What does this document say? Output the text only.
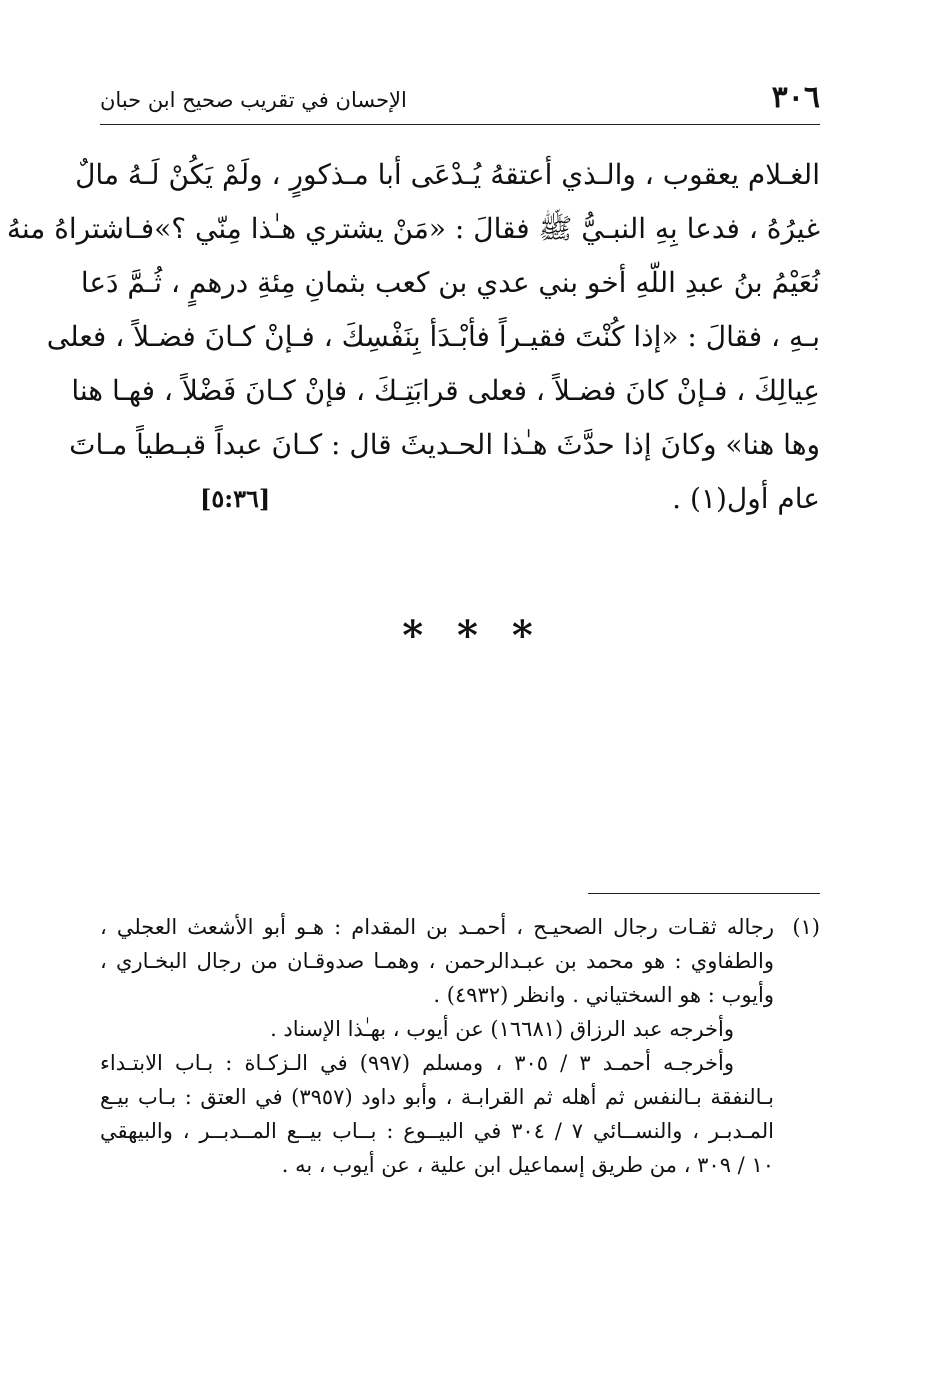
٣٠٦
الإحسان في تقريب صحيح ابن حبان
الغـلام يعقوب ، والـذي أعتقهُ يُـدْعَى أبا مـذكورٍ ، ولَمْ يَكُنْ لَـهُ مالٌ
غيرُهُ ، فدعا بِهِ النبـيُّ ﷺ فقالَ : «مَنْ يشتري هـٰذا مِنّي ؟»فـاشتراهُ منهُ
نُعَيْمُ بنُ عبدِ اللّهِ أخو بني عدي بن كعب بثمانِ مِئةِ درهمٍ ، ثُـمَّ دَعا
بـهِ ، فقالَ : «إذا كُنْتَ فقيـراً فأبْـدَأ بِنَفْسِكَ ، فـإنْ كـانَ فضـلاً ، فعلى
عِيالِكَ ، فـإنْ كانَ فضـلاً ، فعلى قرابَتِـكَ ، فإنْ كـانَ فَضْلاً ، فهـا هنا
وها هنا» وكانَ إذا حدَّثَ هـٰذا الحـديثَ قال : كـانَ عبداً قبـطياً مـاتَ
عام أول(١) .
[٥:٣٦]
* * *
(١)
رجاله ثقـات رجال الصحيـح ، أحمـد بن المقدام : هـو أبو الأشعث العجلي ،
والطفاوي : هو محمد بن عبـدالرحمن ، وهمـا صدوقـان من رجال البخـاري ،
وأيوب : هو السختياني . وانظر (٤٩٣٢) .
وأخرجه عبد الرزاق (١٦٦٨١) عن أيوب ، بهـٰذا الإسناد .
وأخرجـه أحمـد ٣ / ٣٠٥ ، ومسلم (٩٩٧) في الـزكـاة : بـاب الابتـداء
بـالنفقة بـالنفس ثم أهله ثم القرابـة ، وأبو داود (٣٩٥٧) في العتق : بـاب بيـع
المـدبـر ، والنســائي ٧ / ٣٠٤ في البيــوع : بــاب بيــع المــدبــر ، والبيهقي
١٠ / ٣٠٩ ، من طريق إسماعيل ابن علية ، عن أيوب ، به .
